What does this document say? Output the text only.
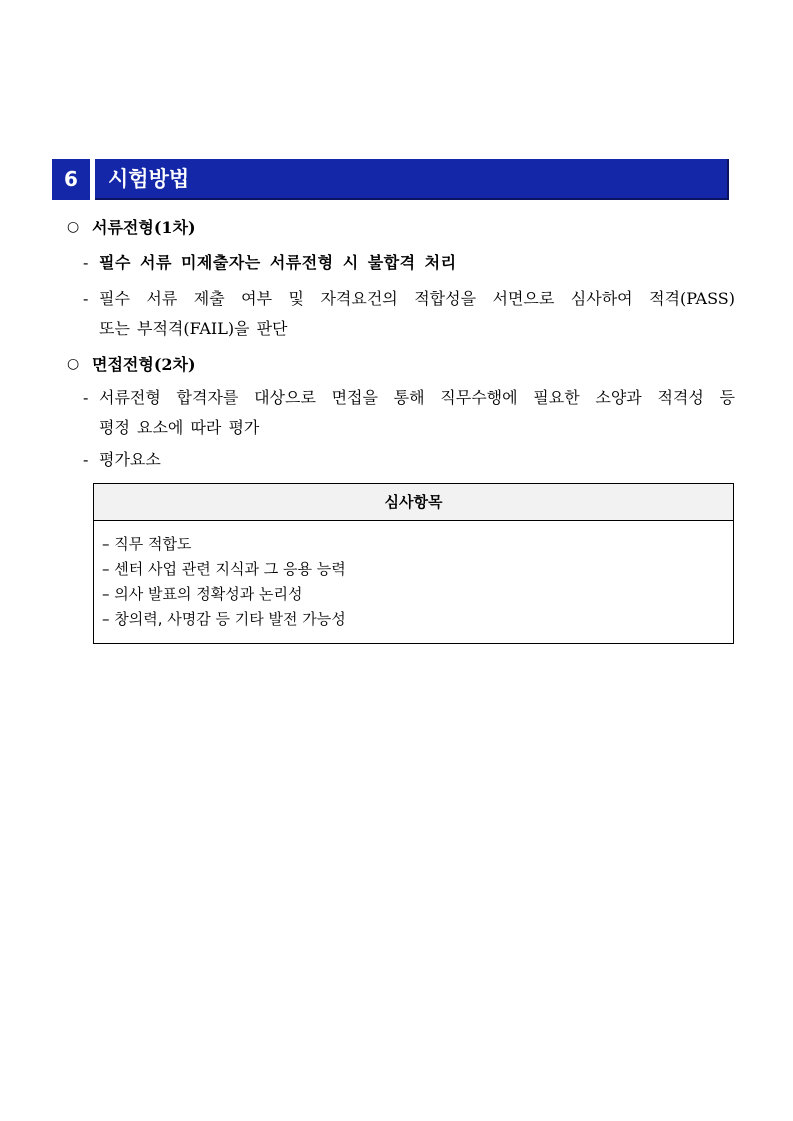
6	시험방법
○ 서류전형(1차)
- 필수 서류 미제출자는 서류전형 시 불합격 처리
- 필수 서류 제출 여부 및 자격요건의 적합성을 서면으로 심사하여 적격(PASS)
또는 부적격(FAIL)을 판단
○ 면접전형(2차)
- 서류전형 합격자를 대상으로 면접을 통해 직무수행에 필요한 소양과 적격성 등
평정 요소에 따라 평가
- 평가요소
심사항목
– 직무 적합도
– 센터 사업 관련 지식과 그 응용 능력
– 의사 발표의 정확성과 논리성
– 창의력, 사명감 등 기타 발전 가능성
